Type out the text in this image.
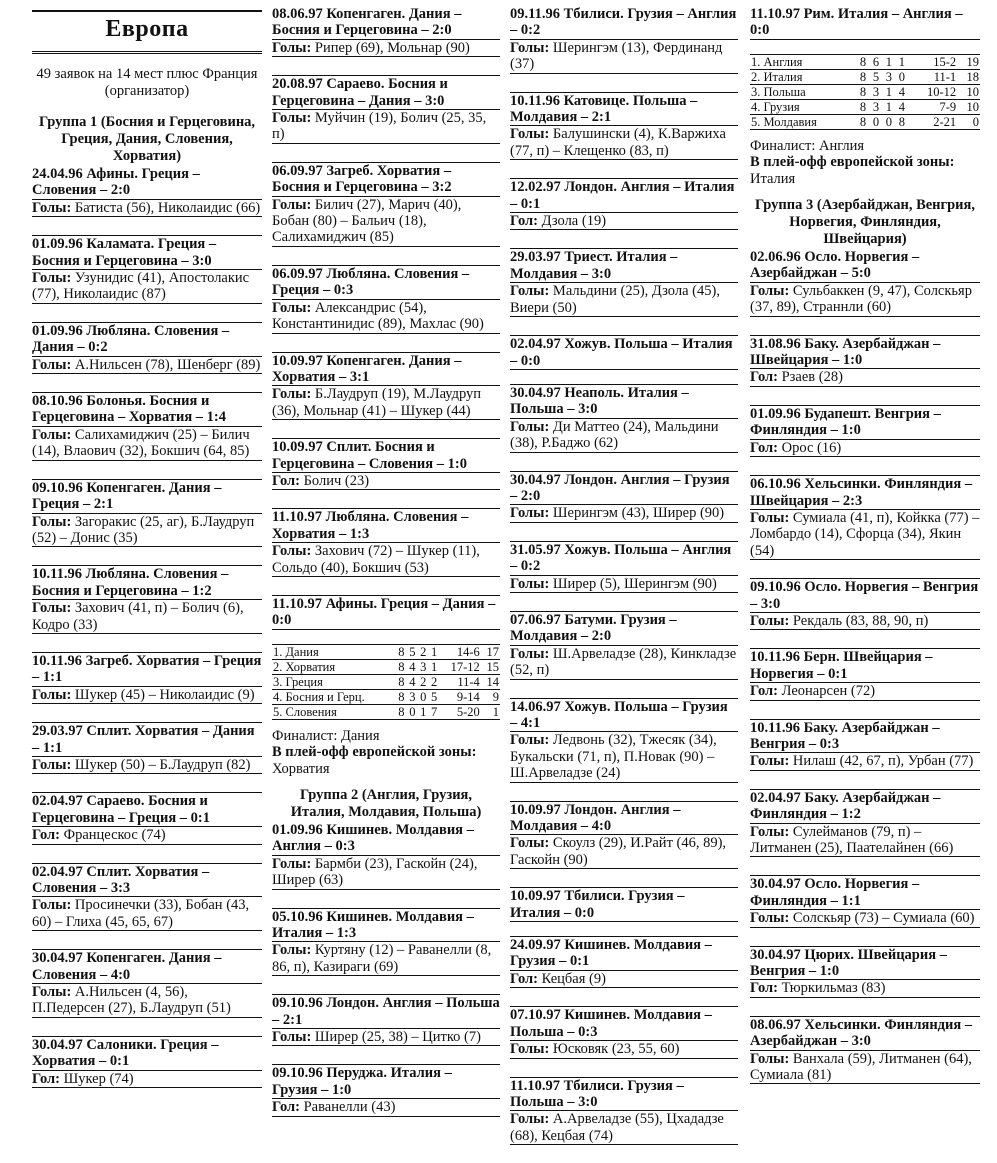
Европа
49 заявок на 14 мест плюс Франция (организатор)
Группа 1 (Босния и Герцеговина, Греция, Дания, Словения, Хорватия)
24.04.96 Афины. Греция – Словения – 2:0
Голы: Батиста (56), Николаидис (66)
01.09.96 Каламата. Греция – Босния и Герцеговина – 3:0
Голы: Узунидис (41), Апостолакис (77), Николаидис (87)
01.09.96 Любляна. Словения – Дания – 0:2
Голы: А.Нильсен (78), Шенберг (89)
08.10.96 Болонья. Босния и Герцеговина – Хорватия – 1:4
Голы: Салихамиджич (25) – Билич (14), Влаович (32), Бокшич (64, 85)
09.10.96 Копенгаген. Дания – Греция – 2:1
Голы: Загоракис (25, аг), Б.Лаудруп (52) – Донис (35)
10.11.96 Любляна. Словения – Босния и Герцеговина – 1:2
Голы: Захович (41, п) – Болич (6), Кодро (33)
10.11.96 Загреб. Хорватия – Греция – 1:1
Голы: Шукер (45) – Николаидис (9)
29.03.97 Сплит. Хорватия – Дания – 1:1
Голы: Шукер (50) – Б.Лаудруп (82)
02.04.97 Сараево. Босния и Герцеговина – Греция – 0:1
Гол: Францескос (74)
02.04.97 Сплит. Хорватия – Словения – 3:3
Голы: Просинечки (33), Бобан (43, 60) – Глиха (45, 65, 67)
30.04.97 Копенгаген. Дания – Словения – 4:0
Голы: А.Нильсен (4, 56), П.Педерсен (27), Б.Лаудруп (51)
30.04.97 Салоники. Греция – Хорватия – 0:1
Гол: Шукер (74)
08.06.97 Копенгаген. Дания – Босния и Герцеговина – 2:0
Голы: Рипер (69), Мольнар (90)
20.08.97 Сараево. Босния и Герцеговина – Дания – 3:0
Голы: Муйчин (19), Болич (25, 35, п)
06.09.97 Загреб. Хорватия – Босния и Герцеговина – 3:2
Голы: Билич (27), Марич (40), Бобан (80) – Бальич (18), Салихамиджич (85)
06.09.97 Любляна. Словения – Греция – 0:3
Голы: Александрис (54), Константинидис (89), Махлас (90)
10.09.97 Копенгаген. Дания – Хорватия – 3:1
Голы: Б.Лаудруп (19), М.Лаудруп (36), Мольнар (41) – Шукер (44)
10.09.97 Сплит. Босния и Герцеговина – Словения – 1:0
Гол: Болич (23)
11.10.97 Любляна. Словения – Хорватия – 1:3
Голы: Захович (72) – Шукер (11), Сольдо (40), Бокшич (53)
11.10.97 Афины. Греция – Дания – 0:0
1. Дания	8	5	2	1	14-6	17
2. Хорватия	8	4	3	1	17-12	15
3. Греция	8	4	2	2	11-4	14
4. Босния и Герц.	8	3	0	5	9-14	9
5. Словения	8	0	1	7	5-20	1
Финалист: Дания
В плей-офф европейской зоны:
Хорватия
Группа 2 (Англия, Грузия, Италия, Молдавия, Польша)
01.09.96 Кишинев. Молдавия – Англия – 0:3
Голы: Бармби (23), Гаскойн (24), Ширер (63)
05.10.96 Кишинев. Молдавия – Италия – 1:3
Голы: Куртяну (12) – Раванелли (8, 86, п), Казираги (69)
09.10.96 Лондон. Англия – Польша – 2:1
Голы: Ширер (25, 38) – Цитко (7)
09.10.96 Перуджа. Италия – Грузия – 1:0
Гол: Раванелли (43)
09.11.96 Тбилиси. Грузия – Англия – 0:2
Голы: Шерингэм (13), Фердинанд (37)
10.11.96 Катовице. Польша – Молдавия – 2:1
Голы: Балушински (4), К.Варжиха (77, п) – Клещенко (83, п)
12.02.97 Лондон. Англия – Италия – 0:1
Гол: Дзола (19)
29.03.97 Триест. Италия – Молдавия – 3:0
Голы: Мальдини (25), Дзола (45), Виери (50)
02.04.97 Хожув. Польша – Италия – 0:0
30.04.97 Неаполь. Италия – Польша – 3:0
Голы: Ди Маттео (24), Мальдини (38), Р.Баджо (62)
30.04.97 Лондон. Англия – Грузия – 2:0
Голы: Шерингэм (43), Ширер (90)
31.05.97 Хожув. Польша – Англия – 0:2
Голы: Ширер (5), Шерингэм (90)
07.06.97 Батуми. Грузия – Молдавия – 2:0
Голы: Ш.Арвеладзе (28), Кинкладзе (52, п)
14.06.97 Хожув. Польша – Грузия – 4:1
Голы: Ледвонь (32), Тжесяк (34), Букальски (71, п), П.Новак (90) – Ш.Арвеладзе (24)
10.09.97 Лондон. Англия – Молдавия – 4:0
Голы: Скоулз (29), И.Райт (46, 89), Гаскойн (90)
10.09.97 Тбилиси. Грузия – Италия – 0:0
24.09.97 Кишинев. Молдавия – Грузия – 0:1
Гол: Кецбая (9)
07.10.97 Кишинев. Молдавия – Польша – 0:3
Голы: Юсковяк (23, 55, 60)
11.10.97 Тбилиси. Грузия – Польша – 3:0
Голы: А.Арвеладзе (55), Цхададзе (68), Кецбая (74)
11.10.97 Рим. Италия – Англия – 0:0
1. Англия	8	6	1	1	15-2	19
2. Италия	8	5	3	0	11-1	18
3. Польша	8	3	1	4	10-12	10
4. Грузия	8	3	1	4	7-9	10
5. Молдавия	8	0	0	8	2-21	0
Финалист: Англия
В плей-офф европейской зоны:
Италия
Группа 3 (Азербайджан, Венгрия, Норвегия, Финляндия, Швейцария)
02.06.96 Осло. Норвегия – Азербайджан – 5:0
Голы: Сульбаккен (9, 47), Солскьяр (37, 89), Страннли (60)
31.08.96 Баку. Азербайджан – Швейцария – 1:0
Гол: Рзаев (28)
01.09.96 Будапешт. Венгрия – Финляндия – 1:0
Гол: Орос (16)
06.10.96 Хельсинки. Финляндия – Швейцария – 2:3
Голы: Сумиала (41, п), Койкка (77) – Ломбардо (14), Сфорца (34), Якин (54)
09.10.96 Осло. Норвегия – Венгрия – 3:0
Голы: Рекдаль (83, 88, 90, п)
10.11.96 Берн. Швейцария – Норвегия – 0:1
Гол: Леонарсен (72)
10.11.96 Баку. Азербайджан – Венгрия – 0:3
Голы: Нилаш (42, 67, п), Урбан (77)
02.04.97 Баку. Азербайджан – Финляндия – 1:2
Голы: Сулейманов (79, п) – Литманен (25), Паателайнен (66)
30.04.97 Осло. Норвегия – Финляндия – 1:1
Голы: Солскьяр (73) – Сумиала (60)
30.04.97 Цюрих. Швейцария – Венгрия – 1:0
Гол: Тюркильмаз (83)
08.06.97 Хельсинки. Финляндия – Азербайджан – 3:0
Голы: Ванхала (59), Литманен (64), Сумиала (81)
